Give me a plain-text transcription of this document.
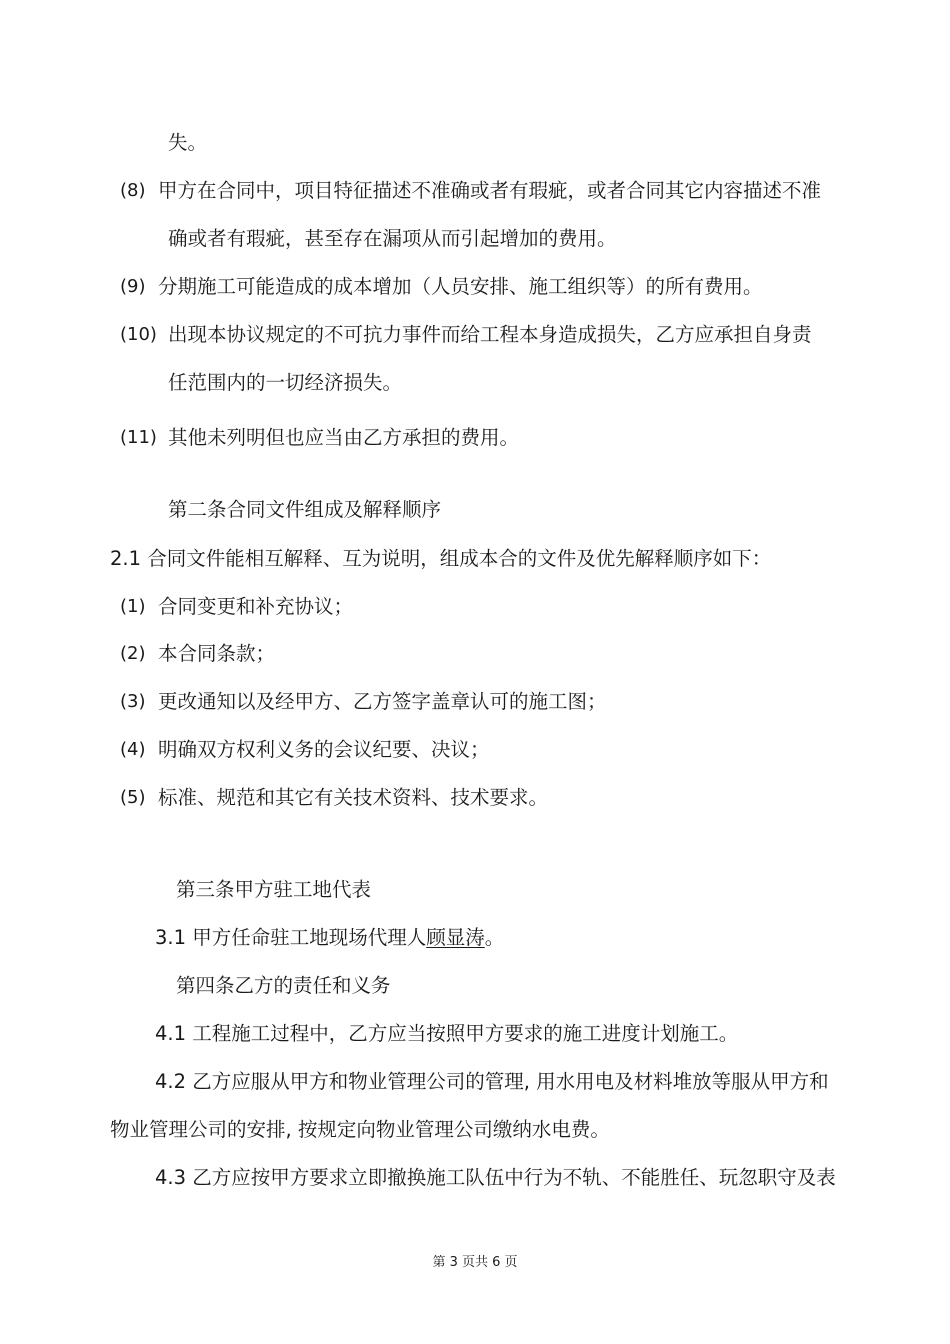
失。
(8) 甲方在合同中，项目特征描述不准确或者有瑕疵，或者合同其它内容描述不准
确或者有瑕疵，甚至存在漏项从而引起增加的费用。
(9) 分期施工可能造成的成本增加（人员安排、施工组织等）的所有费用。
(10) 出现本协议规定的不可抗力事件而给工程本身造成损失，乙方应承担自身责
任范围内的一切经济损失。
(11) 其他未列明但也应当由乙方承担的费用。
第二条合同文件组成及解释顺序
2.1 合同文件能相互解释、互为说明，组成本合的文件及优先解释顺序如下：
(1) 合同变更和补充协议；
(2) 本合同条款；
(3) 更改通知以及经甲方、乙方签字盖章认可的施工图；
(4) 明确双方权利义务的会议纪要、决议；
(5) 标准、规范和其它有关技术资料、技术要求。
第三条甲方驻工地代表
3.1 甲方任命驻工地现场代理人顾显涛。
第四条乙方的责任和义务
4.1 工程施工过程中，乙方应当按照甲方要求的施工进度计划施工。
4.2 乙方应服从甲方和物业管理公司的管理, 用水用电及材料堆放等服从甲方和
物业管理公司的安排, 按规定向物业管理公司缴纳水电费。
4.3 乙方应按甲方要求立即撤换施工队伍中行为不轨、不能胜任、玩忽职守及表
第 3 页共 6 页
